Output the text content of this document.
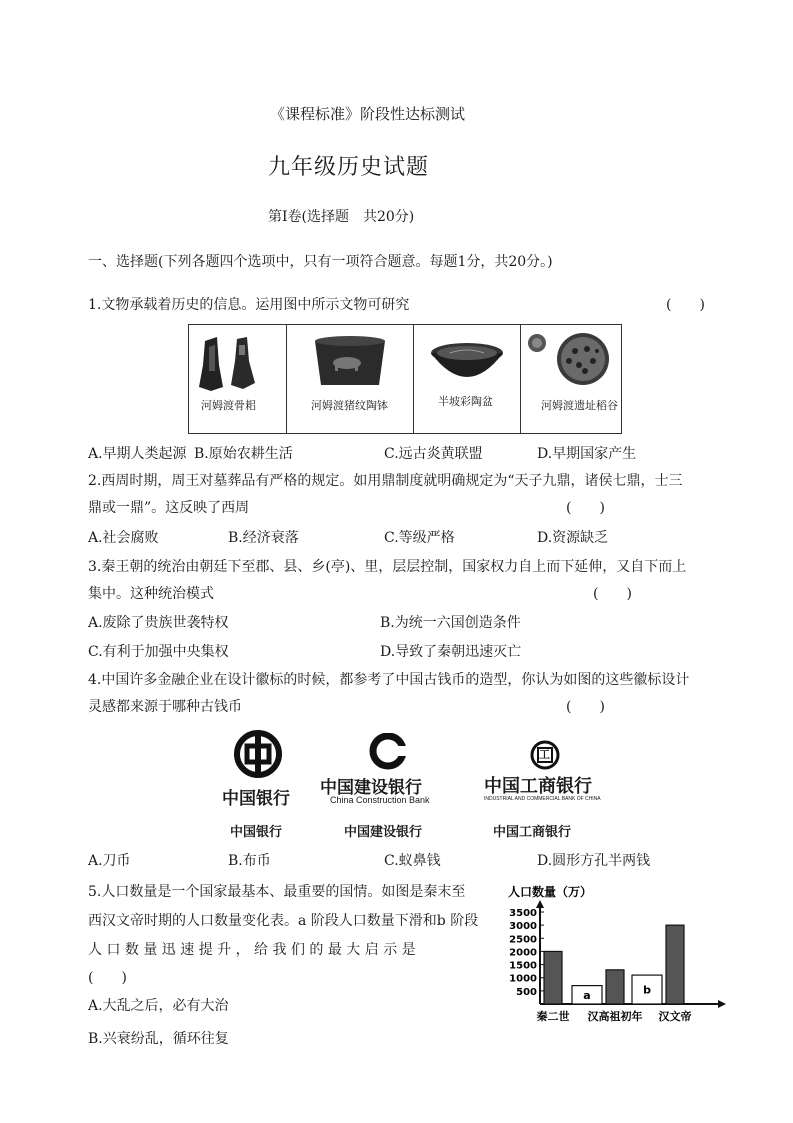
《课程标准》阶段性达标测试
九年级历史试题
第Ⅰ卷(选择题　共20分)
一、选择题(下列各题四个选项中，只有一项符合题意。每题1分，共20分。)
1.文物承载着历史的信息。运用图中所示文物可研究	(　　)
河姆渡骨耜	河姆渡猪纹陶钵	半坡彩陶盆	河姆渡遗址稻谷
A.早期人类起源 B.原始农耕生活	C.远古炎黄联盟	D.早期国家产生
2.西周时期，周王对墓葬品有严格的规定。如用鼎制度就明确规定为“天子九鼎，诸侯七鼎，士三
鼎或一鼎”。这反映了西周	(　　)
A.社会腐败	B.经济衰落	C.等级严格	D.资源缺乏
3.秦王朝的统治由朝廷下至郡、县、乡(亭)、里，层层控制，国家权力自上而下延伸，又自下而上
集中。这种统治模式	(　　)
A.废除了贵族世袭特权	B.为统一六国创造条件
C.有利于加强中央集权	D.导致了秦朝迅速灭亡
4.中国许多金融企业在设计徽标的时候，都参考了中国古钱币的造型，你认为如图的这些徽标设计
灵感都来源于哪种古钱币	(　　)
中国银行
中国建设银行
China Construction Bank
工
中国工商银行
INDUSTRIAL AND COMMERCIAL BANK OF CHINA
中国银行	中国建设银行	中国工商银行
A.刀币	B.布币	C.蚁鼻钱	D.圆形方孔半两钱
5.人口数量是一个国家最基本、最重要的国情。如图是秦末至
西汉文帝时期的人口数量变化表。a 阶段人口数量下滑和b 阶段
人 口 数 量 迅 速 提 升 ， 给 我 们 的 最 大 启 示 是
(　　)
A.大乱之后，必有大治
B.兴衰纷乱，循环往复
人口数量（万）
500
1000
1500
2000
2500
3000
3500
a	b
秦二世 汉高祖初年 汉文帝
